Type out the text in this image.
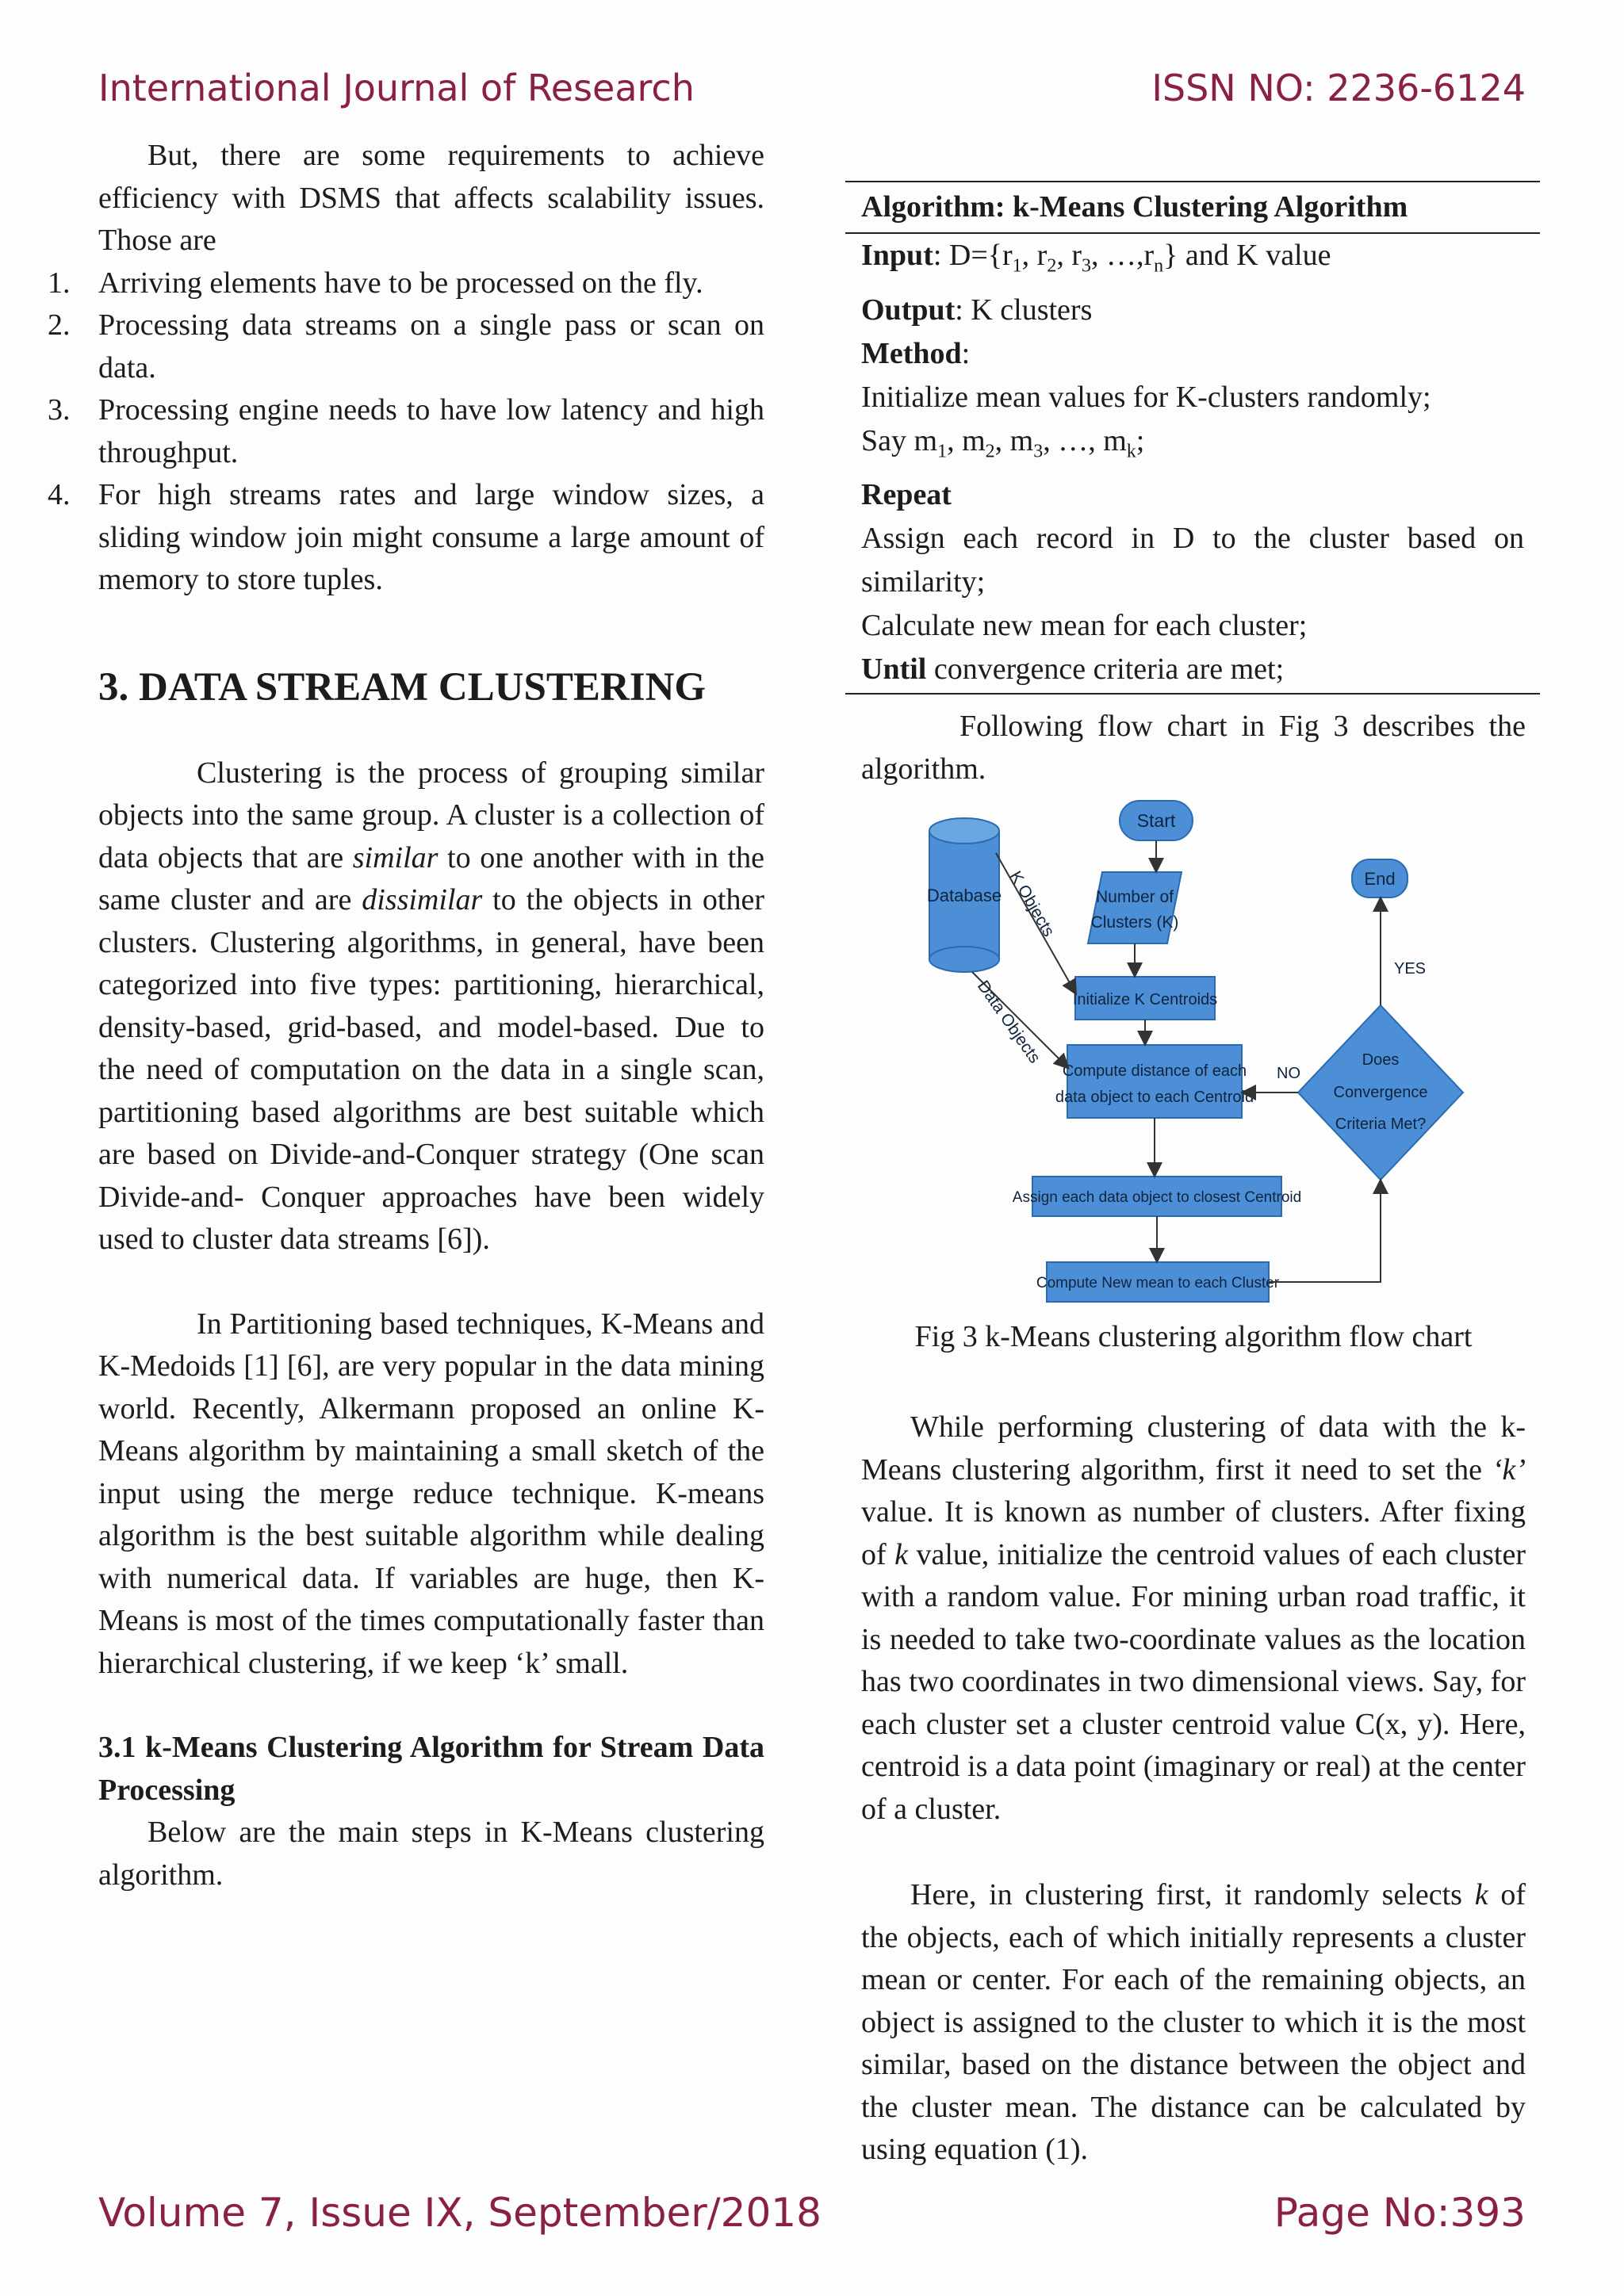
International Journal of Research	ISSN NO: 2236-6124

But, there are some requirements to achieve efficiency with DSMS that affects scalability issues. Those are

1. Arriving elements have to be processed on the fly.
2. Processing data streams on a single pass or scan on data.
3. Processing engine needs to have low latency and high throughput.
4. For high streams rates and large window sizes, a sliding window join might consume a large amount of memory to store tuples.
3. DATA STREAM CLUSTERING

Clustering is the process of grouping similar objects into the same group. A cluster is a collection of data objects that are similar to one another with in the same cluster and are dissimilar to the objects in other clusters. Clustering algorithms, in general, have been categorized into five types: partitioning, hierarchical, density-based, grid-based, and model-based. Due to the need of computation on the data in a single scan, partitioning based algorithms are best suitable which are based on Divide-and-Conquer strategy (One scan Divide-and- Conquer approaches have been widely used to cluster data streams [6]).

In Partitioning based techniques, K-Means and K-Medoids [1] [6], are very popular in the data mining world. Recently, Alkermann proposed an online K-Means algorithm by maintaining a small sketch of the input using the merge reduce technique. K-means algorithm is the best suitable algorithm while dealing with numerical data. If variables are huge, then K-Means is most of the times computationally faster than hierarchical clustering, if we keep ‘k’ small.

3.1 k-Means Clustering Algorithm for Stream Data Processing

Below are the main steps in K-Means clustering algorithm.

Algorithm: k-Means Clustering Algorithm
Input: $D=\{r_1$, $r_2$, $r_3$, $\dots,r_n$} and K value
Output: K clusters
Method:
Initialize mean values for K-clusters randomly;
Say $m_1$, $m_2$, $m_3$, …, $m_k$;
Repeat
Assign each record in D to the cluster based on similarity;
Calculate new mean for each cluster;
Until convergence criteria are met;

Following flow chart in Fig 3 describes the algorithm.

Start
Database	Number of
Clusters (K)
Initialize K Centroids
Compute distance of each
data object to each Centroid
Assign each data object to closest Centroid
Compute New mean to each Cluster
Does
Convergence
Criteria Met?
End
YES
NO
K Objects
Data Objects
Fig 3 k-Means clustering algorithm flow chart

While performing clustering of data with the k-Means clustering algorithm, first it need to set the ‘k’ value. It is known as number of clusters. After fixing of k value, initialize the centroid values of each cluster with a random value. For mining urban road traffic, it is needed to take two-coordinate values as the location has two coordinates in two dimensional views. Say, for each cluster set a cluster centroid value C(x, y). Here, centroid is a data point (imaginary or real) at the center of a cluster.

Here, in clustering first, it randomly selects k of the objects, each of which initially represents a cluster mean or center. For each of the remaining objects, an object is assigned to the cluster to which it is the most similar, based on the distance between the object and the cluster mean. The distance can be calculated by using equation (1).

Volume 7, Issue IX, September/2018	Page No:393
